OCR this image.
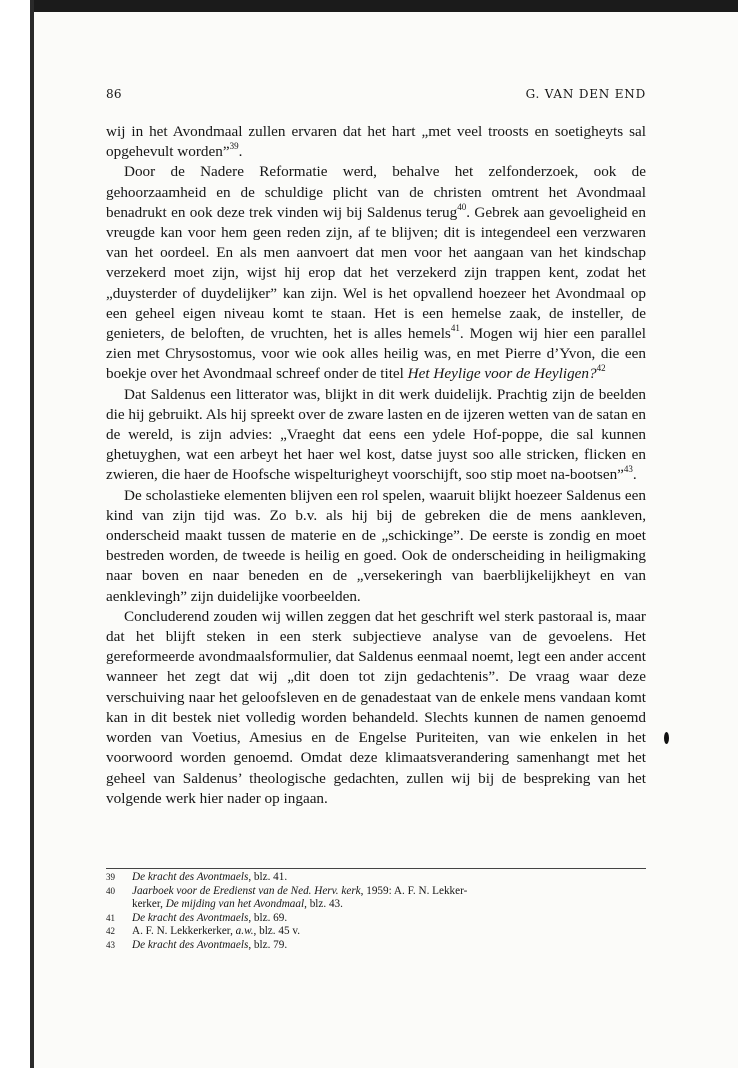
86	G. VAN DEN END

wij in het Avondmaal zullen ervaren dat het hart „met veel troosts en soetigheyts sal opgehevult worden”$^{39}$.

Door de Nadere Reformatie werd, behalve het zelfonderzoek, ook de gehoorzaamheid en de schuldige plicht van de christen omtrent het Avondmaal benadrukt en ook deze trek vinden wij bij Saldenus terug$^{40}$. Gebrek aan gevoeligheid en vreugde kan voor hem geen reden zijn, af te blijven; dit is integendeel een verzwaren van het oordeel. En als men aanvoert dat men voor het aangaan van het kindschap verzekerd moet zijn, wijst hij erop dat het verzekerd zijn trappen kent, zodat het „duysterder of duydelijker” kan zijn. Wel is het opvallend hoezeer het Avondmaal op een geheel eigen niveau komt te staan. Het is een hemelse zaak, de insteller, de genieters, de beloften, de vruchten, het is alles hemels$^{41}$. Mogen wij hier een parallel zien met Chrysostomus, voor wie ook alles heilig was, en met Pierre d’Yvon, die een boekje over het Avondmaal schreef onder de titel Het Heylige voor de Heyligen?$^{42}$

Dat Saldenus een litterator was, blijkt in dit werk duidelijk. Prachtig zijn de beelden die hij gebruikt. Als hij spreekt over de zware lasten en de ijzeren wetten van de satan en de wereld, is zijn advies: „Vraeght dat eens een ydele Hof-poppe, die sal kunnen ghetuyghen, wat een arbeyt het haer wel kost, datse juyst soo alle stricken, flicken en zwieren, die haer de Hoofsche wispelturigheyt voorschijft, soo stip moet na-bootsen”$^{43}$.

De scholastieke elementen blijven een rol spelen, waaruit blijkt hoezeer Saldenus een kind van zijn tijd was. Zo b.v. als hij bij de gebreken die de mens aankleven, onderscheid maakt tussen de materie en de „schickinge”. De eerste is zondig en moet bestreden worden, de tweede is heilig en goed. Ook de onderscheiding in heiligmaking naar boven en naar beneden en de „versekeringh van baerblijkelijkheyt en van aenklevingh” zijn duidelijke voorbeelden.

Concluderend zouden wij willen zeggen dat het geschrift wel sterk pastoraal is, maar dat het blijft steken in een sterk subjectieve analyse van de gevoelens. Het gereformeerde avondmaalsformulier, dat Saldenus eenmaal noemt, legt een ander accent wanneer het zegt dat wij „dit doen tot zijn gedachtenis”. De vraag waar deze verschuiving naar het geloofsleven en de genadestaat van de enkele mens vandaan komt kan in dit bestek niet volledig worden behandeld. Slechts kunnen de namen genoemd worden van Voetius, Amesius en de Engelse Puriteiten, van wie enkelen in het voorwoord worden genoemd. Omdat deze klimaatsverandering samenhangt met het geheel van Saldenus’ theologische gedachten, zullen wij bij de bespreking van het volgende werk hier nader op ingaan.

39 De kracht des Avontmaels, blz. 41.
40 Jaarboek voor de Eredienst van de Ned. Herv. kerk, 1959: A. F. N. Lekker-
kerker, De mijding van het Avondmaal, blz. 43.
41 De kracht des Avontmaels, blz. 69.
42 A. F. N. Lekkerkerker, a.w., blz. 45 v.
43 De kracht des Avontmaels, blz. 79.
